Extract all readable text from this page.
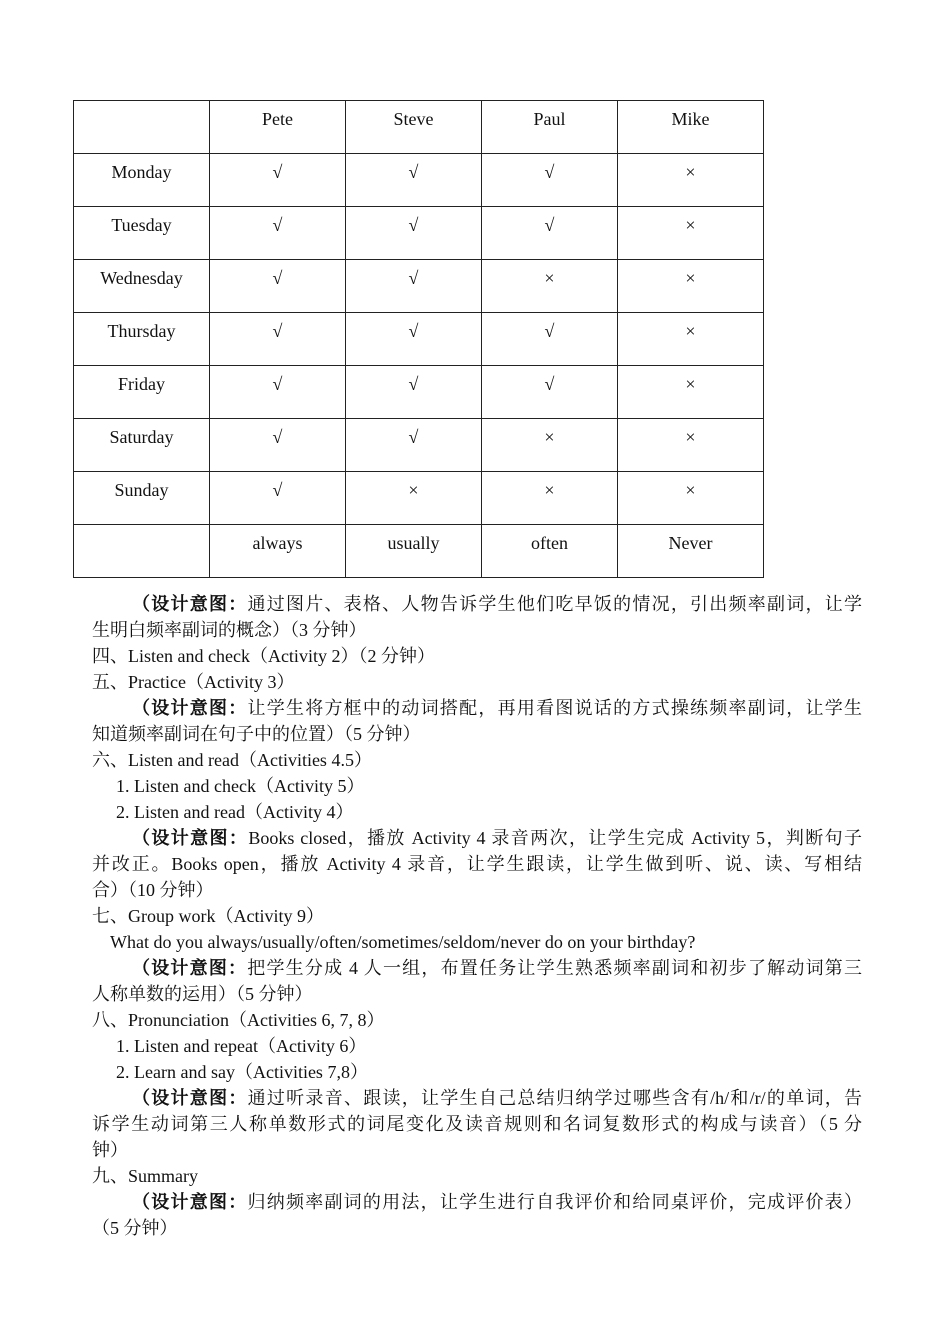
	Pete	Steve	Paul	Mike
Monday	√	√	√	×
Tuesday	√	√	√	×
Wednesday	√	√	×	×
Thursday	√	√	√	×
Friday	√	√	√	×
Saturday	√	√	×	×
Sunday	√	×	×	×
	always	usually	often	Never
（设计意图：通过图片、表格、人物告诉学生他们吃早饭的情况，引出频率副词，让学
生明白频率副词的概念）（3 分钟）
四、Listen and check（Activity 2）（2 分钟）
五、Practice（Activity 3）
（设计意图：让学生将方框中的动词搭配，再用看图说话的方式操练频率副词，让学生
知道频率副词在句子中的位置）（5 分钟）
六、Listen and read（Activities 4.5）
1. Listen and check（Activity 5）
2. Listen and read（Activity 4）
（设计意图：Books closed，播放 Activity 4 录音两次，让学生完成 Activity 5，判断句子
并改正。Books open，播放 Activity 4 录音，让学生跟读，让学生做到听、说、读、写相结
合）（10 分钟）
七、Group work（Activity 9）
What do you always/usually/often/sometimes/seldom/never do on your birthday?
（设计意图：把学生分成 4 人一组，布置任务让学生熟悉频率副词和初步了解动词第三
人称单数的运用）（5 分钟）
八、Pronunciation（Activities 6, 7, 8）
1. Listen and repeat（Activity 6）
2. Learn and say（Activities 7,8）
（设计意图：通过听录音、跟读，让学生自己总结归纳学过哪些含有/h/和/r/的单词，告
诉学生动词第三人称单数形式的词尾变化及读音规则和名词复数形式的构成与读音）（5 分
钟）
九、Summary
（设计意图：归纳频率副词的用法，让学生进行自我评价和给同桌评价，完成评价表）
（5 分钟）
